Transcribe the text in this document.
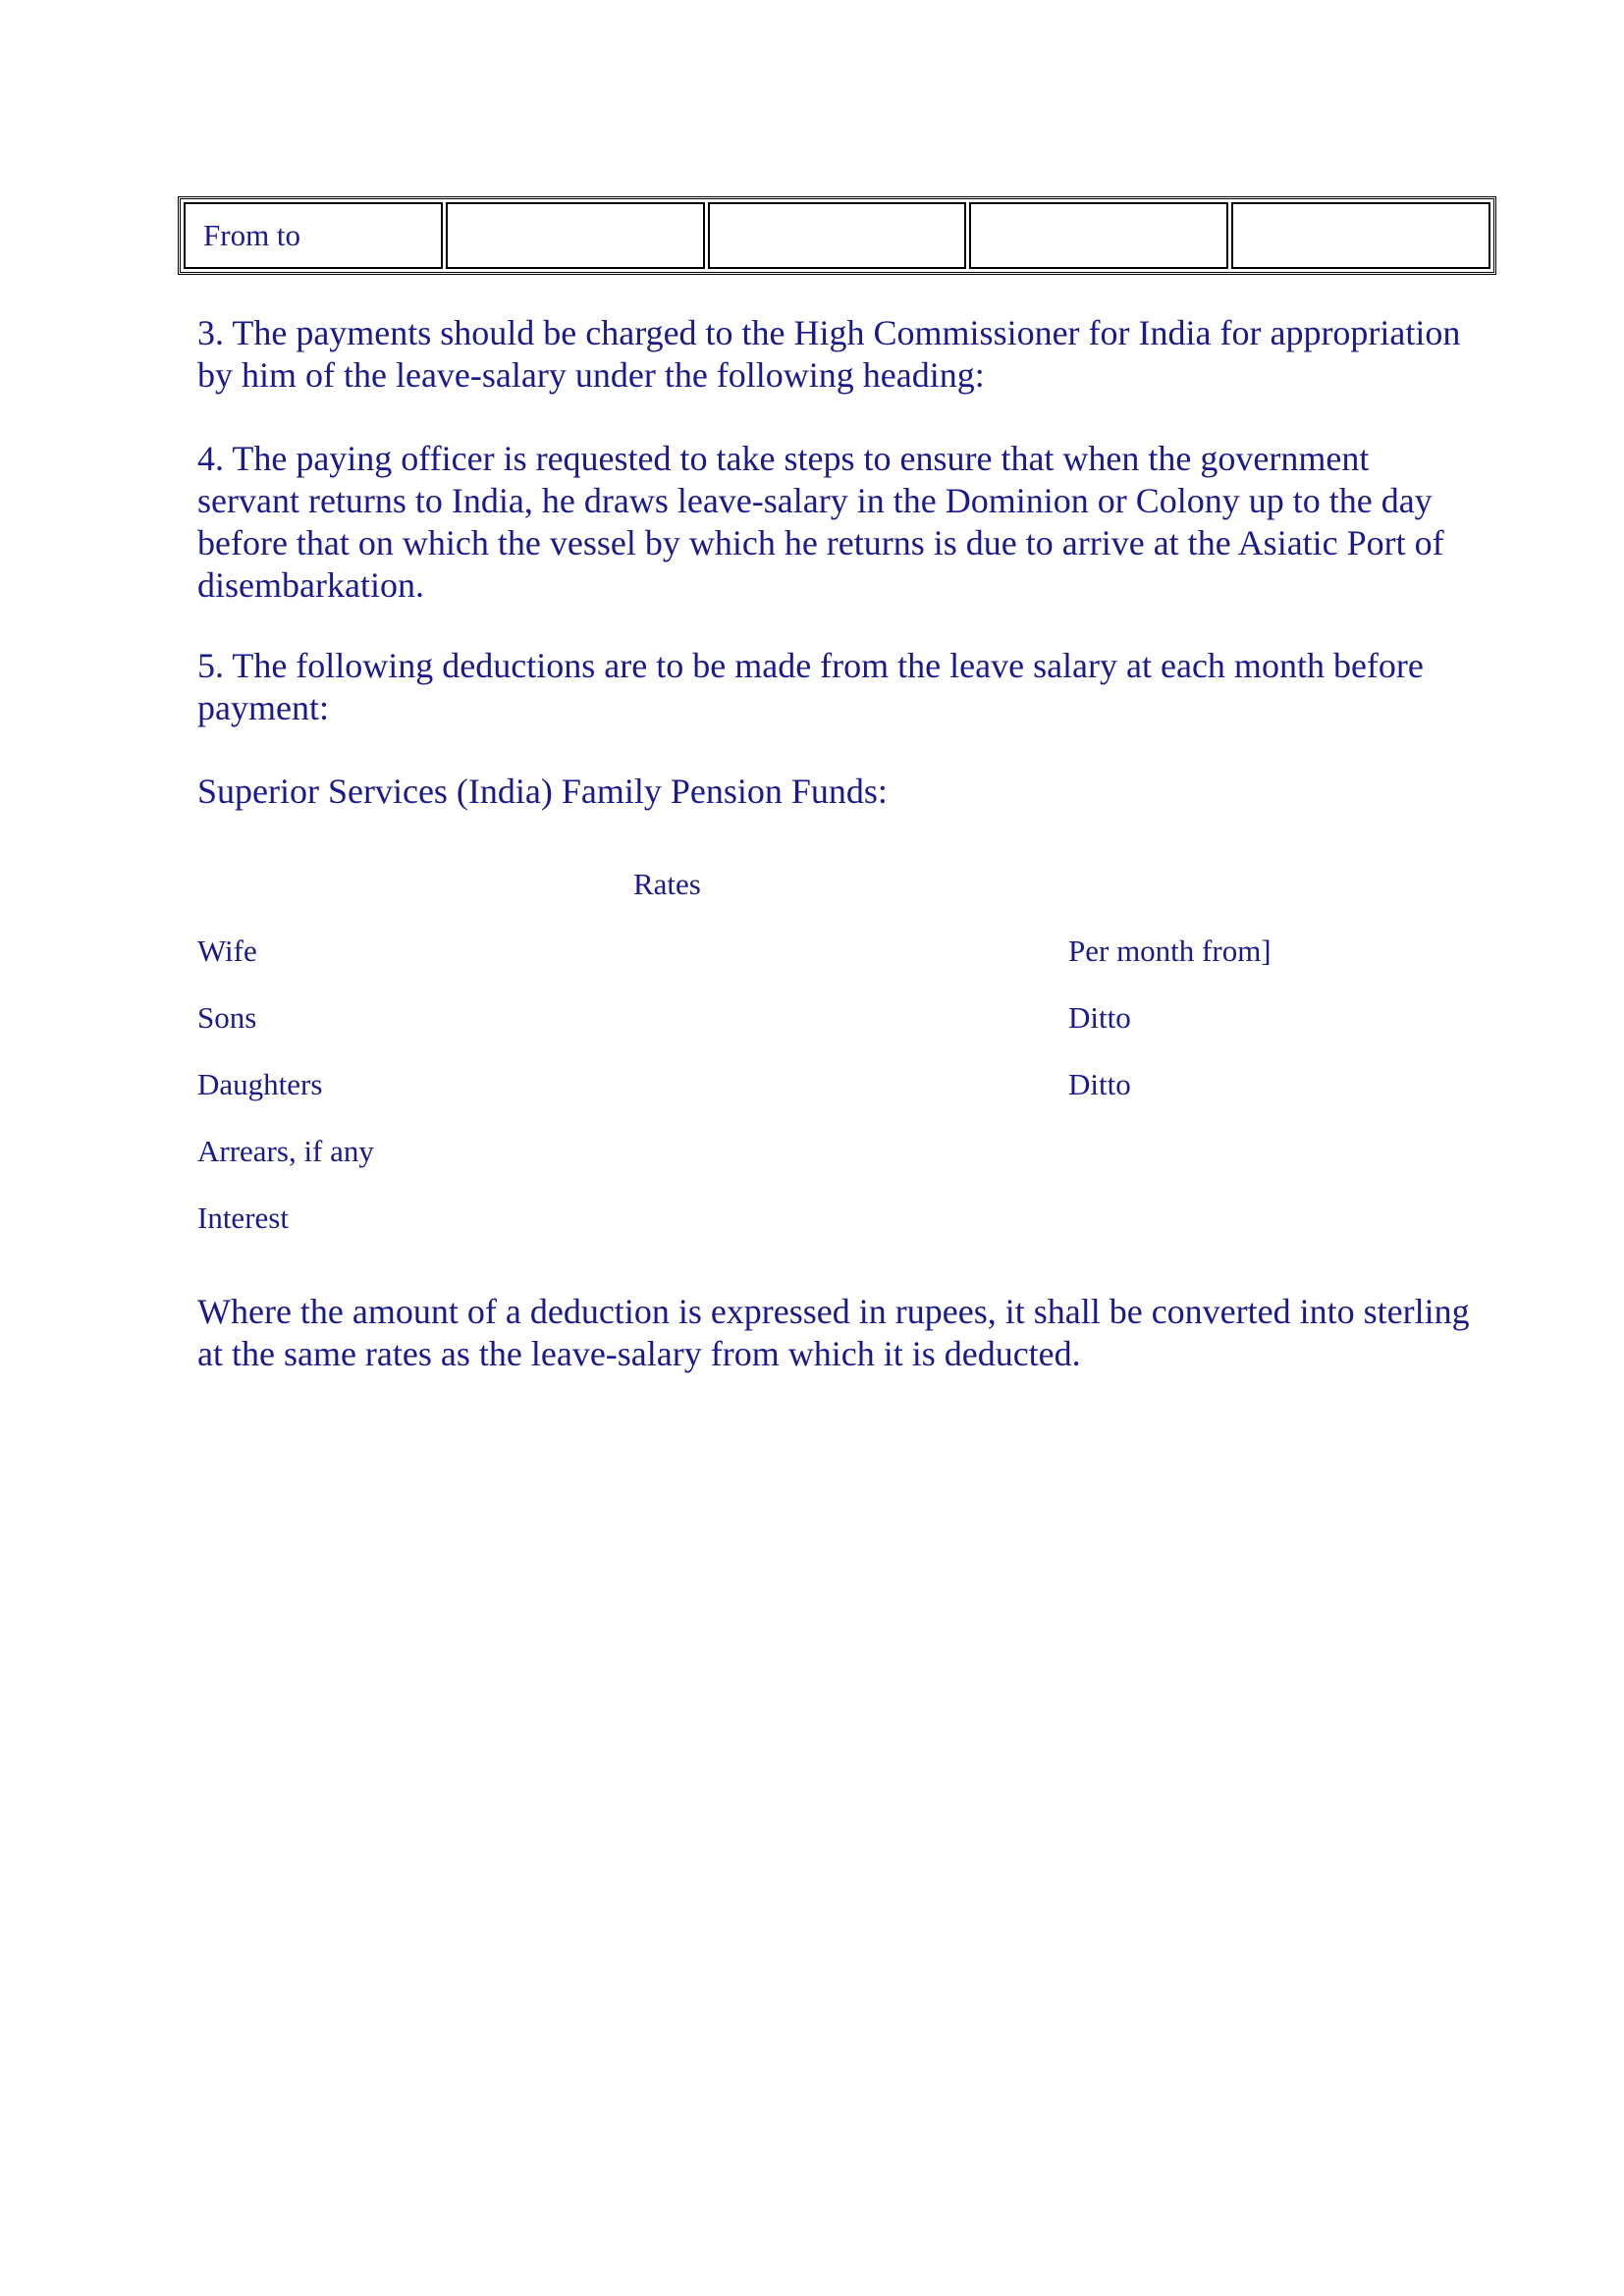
From to				

3. The payments should be charged to the High Commissioner for India for appropriation by him of the leave-salary under the following heading:

4. The paying officer is requested to take steps to ensure that when the government servant returns to India, he draws leave-salary in the Dominion or Colony up to the day before that on which the vessel by which he returns is due to arrive at the Asiatic Port of disembarkation.

5. The following deductions are to be made from the leave salary at each month before payment:

Superior Services (India) Family Pension Funds:

Rates

Wife	Per month from]

Sons	Ditto

Daughters	Ditto

Arrears, if any

Interest

Where the amount of a deduction is expressed in rupees, it shall be converted into sterling at the same rates as the leave-salary from which it is deducted.
